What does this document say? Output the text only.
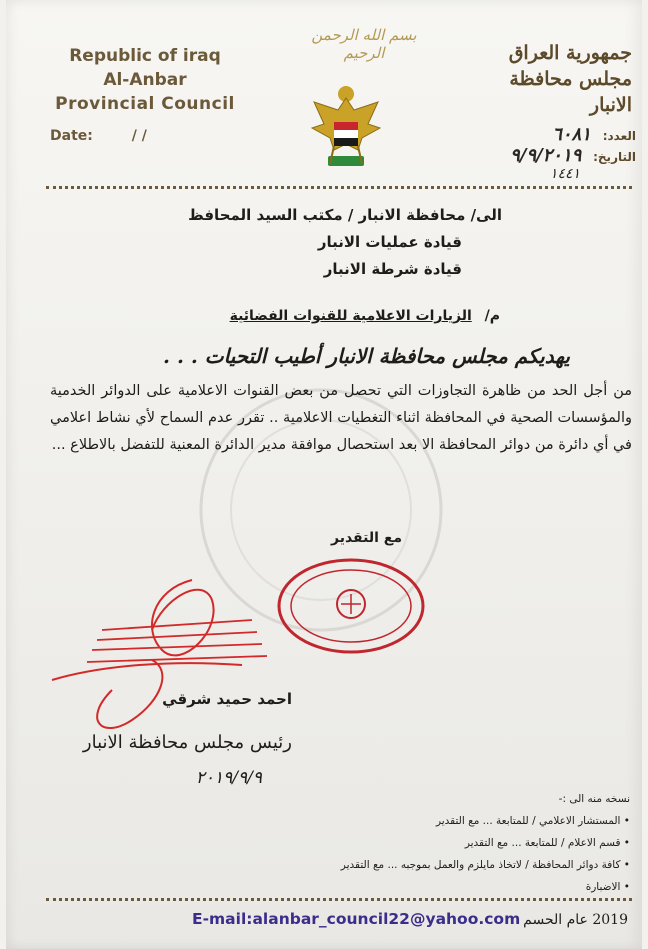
Republic of iraq
Al-Anbar
Provincial Council
Date:	/ /
بسم الله الرحمن الرحيم	جمهورية العراق
مجلس محافظة الانبار
العدد: ٦٠٨١
التاريخ: ٩/٩/٢٠١٩
١٤٤١
الى/ محافظة الانبار / مكتب السيد المحافظ
قيادة عمليات الانبار
قيادة شرطة الانبار
م/ الزيارات الاعلامية للقنوات الفضائية
يهديكم مجلس محافظة الانبار أطيب التحيات . . .
من أجل الحد من ظاهرة التجاوزات التي تحصل من بعض القنوات الاعلامية على الدوائر الخدمية والمؤسسات الصحية في المحافظة اثناء التغطيات الاعلامية .. تقرر عدم السماح لأي نشاط اعلامي في أي دائرة من دوائر المحافظة الا بعد استحصال موافقة مدير الدائرة المعنية للتفضل بالاطلاع ...
مع التقدير
احمد حميد شرقي
رئيس مجلس محافظة الانبار
٢٠١٩/٩/٩
نسخه منه الى :-
• المستشار الاعلامي / للمتابعة ... مع التقدير
• قسم الاعلام / للمتابعة ... مع التقدير
• كافة دوائر المحافظة / لاتخاذ مايلزم والعمل بموجبه ... مع التقدير
• الاضبارة
E-mail:alanbar_council22@yahoo.com 2019 عام الحسم
